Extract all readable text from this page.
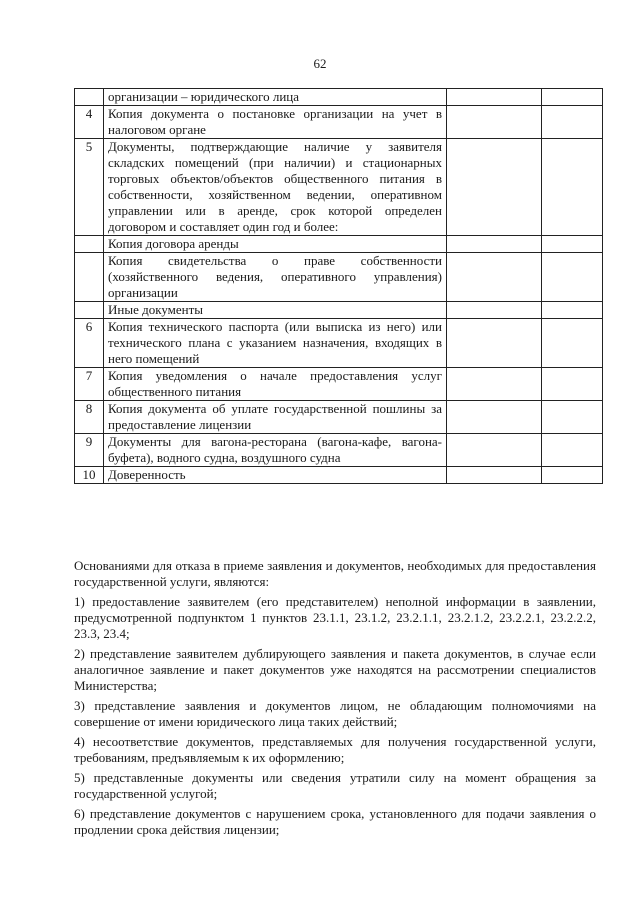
62
	организации – юридического лица		
4	Копия документа о постановке организации на учет в налоговом органе		
5	Документы, подтверждающие наличие у заявителя складских помещений (при наличии) и стационарных торговых объектов/объектов общественного питания в собственности, хозяйственном ведении, оперативном управлении или в аренде, срок которой определен договором и составляет один год и более:		
	Копия договора аренды		
	Копия свидетельства о праве собственности (хозяйственного ведения, оперативного управления) организации		
	Иные документы		
6	Копия технического паспорта (или выписка из него) или технического плана с указанием назначения, входящих в него помещений		
7	Копия уведомления о начале предоставления услуг общественного питания		
8	Копия документа об уплате государственной пошлины за предоставление лицензии		
9	Документы для вагона-ресторана (вагона-кафе, вагона-буфета), водного судна, воздушного судна		
10	Доверенность		

Основаниями для отказа в приеме заявления и документов, необходимых для предоставления государственной услуги, являются:

1) предоставление заявителем (его представителем) неполной информации в заявлении, предусмотренной подпунктом 1 пунктов 23.1.1, 23.1.2, 23.2.1.1, 23.2.1.2, 23.2.2.1, 23.2.2.2, 23.3, 23.4;

2) представление заявителем дублирующего заявления и пакета документов, в случае если аналогичное заявление и пакет документов уже находятся на рассмотрении специалистов Министерства;

3) представление заявления и документов лицом, не обладающим полномочиями на совершение от имени юридического лица таких действий;

4) несоответствие документов, представляемых для получения государственной услуги, требованиям, предъявляемым к их оформлению;

5) представленные документы или сведения утратили силу на момент обращения за государственной услугой;

6) представление документов с нарушением срока, установленного для подачи заявления о продлении срока действия лицензии;
